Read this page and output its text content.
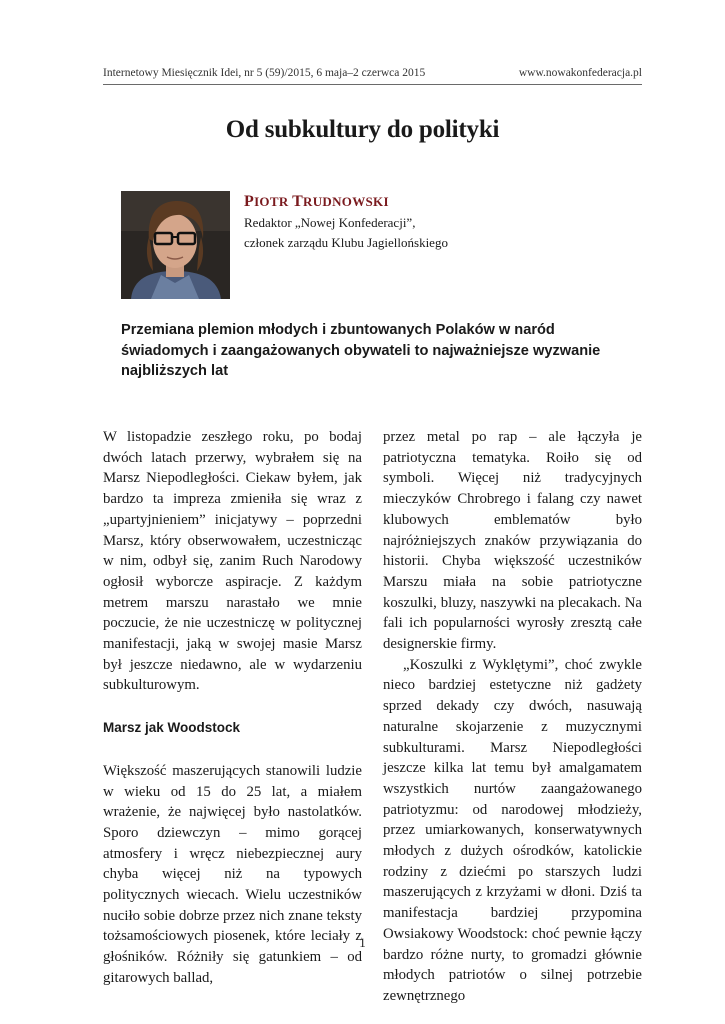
Internetowy Miesięcznik Idei, nr 5 (59)/2015, 6 maja–2 czerwca 2015	www.nowakonfederacja.pl
Od subkultury do polityki
PIOTR TRUDNOWSKI
Redaktor „Nowej Konfederacji”,
członek zarządu Klubu Jagiellońskiego
Przemiana plemion młodych i zbuntowanych Polaków w naród świadomych i zaangażowanych obywateli to najważniejsze wyzwanie najbliższych lat

W listopadzie zeszłego roku, po bodaj dwóch latach przerwy, wybrałem się na Marsz Niepodległości. Ciekaw byłem, jak bardzo ta impreza zmieniła się wraz z „upartyjnieniem” inicjatywy – poprzedni Marsz, który obserwowałem, uczestnicząc w nim, odbył się, zanim Ruch Narodowy ogłosił wyborcze aspiracje. Z każdym metrem marszu narastało we mnie poczucie, że nie uczestniczę w politycznej manifestacji, jaką w swojej masie Marsz był jeszcze niedawno, ale w wydarzeniu subkulturowym.

Marsz jak Woodstock

Większość maszerujących stanowili ludzie w wieku od 15 do 25 lat, a miałem wrażenie, że najwięcej było nastolatków. Sporo dziewczyn – mimo gorącej atmosfery i wręcz niebezpiecznej aury chyba więcej niż na typowych politycznych wiecach. Wielu uczestników nuciło sobie dobrze przez nich znane teksty tożsamościowych piosenek, które leciały z głośników. Różniły się gatunkiem – od gitarowych ballad,

przez metal po rap – ale łączyła je patriotyczna tematyka. Roiło się od symboli. Więcej niż tradycyjnych mieczyków Chrobrego i falang czy nawet klubowych emblematów było najróżniejszych znaków przywiązania do historii. Chyba większość uczestników Marszu miała na sobie patriotyczne koszulki, bluzy, naszywki na plecakach. Na fali ich popularności wyrosły zresztą całe designerskie firmy.

„Koszulki z Wyklętymi”, choć zwykle nieco bardziej estetyczne niż gadżety sprzed dekady czy dwóch, nasuwają naturalne skojarzenie z muzycznymi subkulturami. Marsz Niepodległości jeszcze kilka lat temu był amalgamatem wszystkich nurtów zaangażowanego patriotyzmu: od narodowej młodzieży, przez umiarkowanych, konserwatywnych młodych z dużych ośrodków, katolickie rodziny z dziećmi po starszych ludzi maszerujących z krzyżami w dłoni. Dziś ta manifestacja bardziej przypomina Owsiakowy Woodstock: choć pewnie łączy bardzo różne nurty, to gromadzi głównie młodych patriotów o silnej potrzebie zewnętrznego

1
